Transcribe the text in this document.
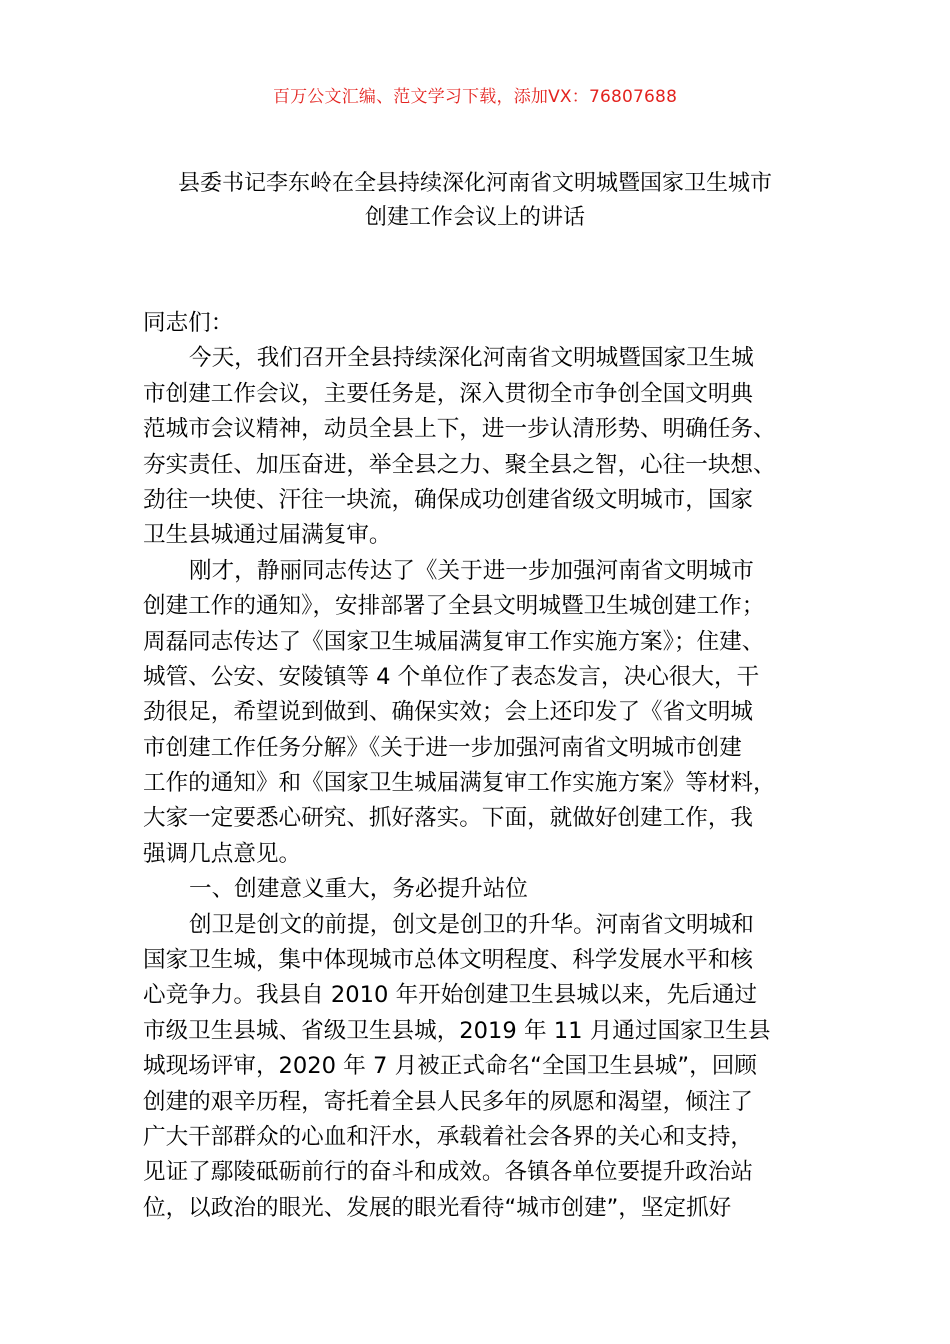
百万公文汇编、范文学习下载，添加VX：76807688
县委书记李东岭在全县持续深化河南省文明城暨国家卫生城市
创建工作会议上的讲话
同志们：
今天，我们召开全县持续深化河南省文明城暨国家卫生城
市创建工作会议，主要任务是，深入贯彻全市争创全国文明典
范城市会议精神，动员全县上下，进一步认清形势、明确任务、
夯实责任、加压奋进，举全县之力、聚全县之智，心往一块想、
劲往一块使、汗往一块流，确保成功创建省级文明城市，国家
卫生县城通过届满复审。
刚才，静丽同志传达了《关于进一步加强河南省文明城市
创建工作的通知》，安排部署了全县文明城暨卫生城创建工作；
周磊同志传达了《国家卫生城届满复审工作实施方案》；住建、
城管、公安、安陵镇等 4 个单位作了表态发言，决心很大，干
劲很足，希望说到做到、确保实效；会上还印发了《省文明城
市创建工作任务分解》《关于进一步加强河南省文明城市创建
工作的通知》和《国家卫生城届满复审工作实施方案》等材料，
大家一定要悉心研究、抓好落实。下面，就做好创建工作，我
强调几点意见。
一、创建意义重大，务必提升站位
创卫是创文的前提，创文是创卫的升华。河南省文明城和
国家卫生城，集中体现城市总体文明程度、科学发展水平和核
心竞争力。我县自 2010 年开始创建卫生县城以来，先后通过
市级卫生县城、省级卫生县城，2019 年 11 月通过国家卫生县
城现场评审，2020 年 7 月被正式命名“全国卫生县城”，回顾
创建的艰辛历程，寄托着全县人民多年的夙愿和渴望，倾注了
广大干部群众的心血和汗水，承载着社会各界的关心和支持，
见证了鄢陵砥砺前行的奋斗和成效。各镇各单位要提升政治站
位，以政治的眼光、发展的眼光看待“城市创建”，坚定抓好
